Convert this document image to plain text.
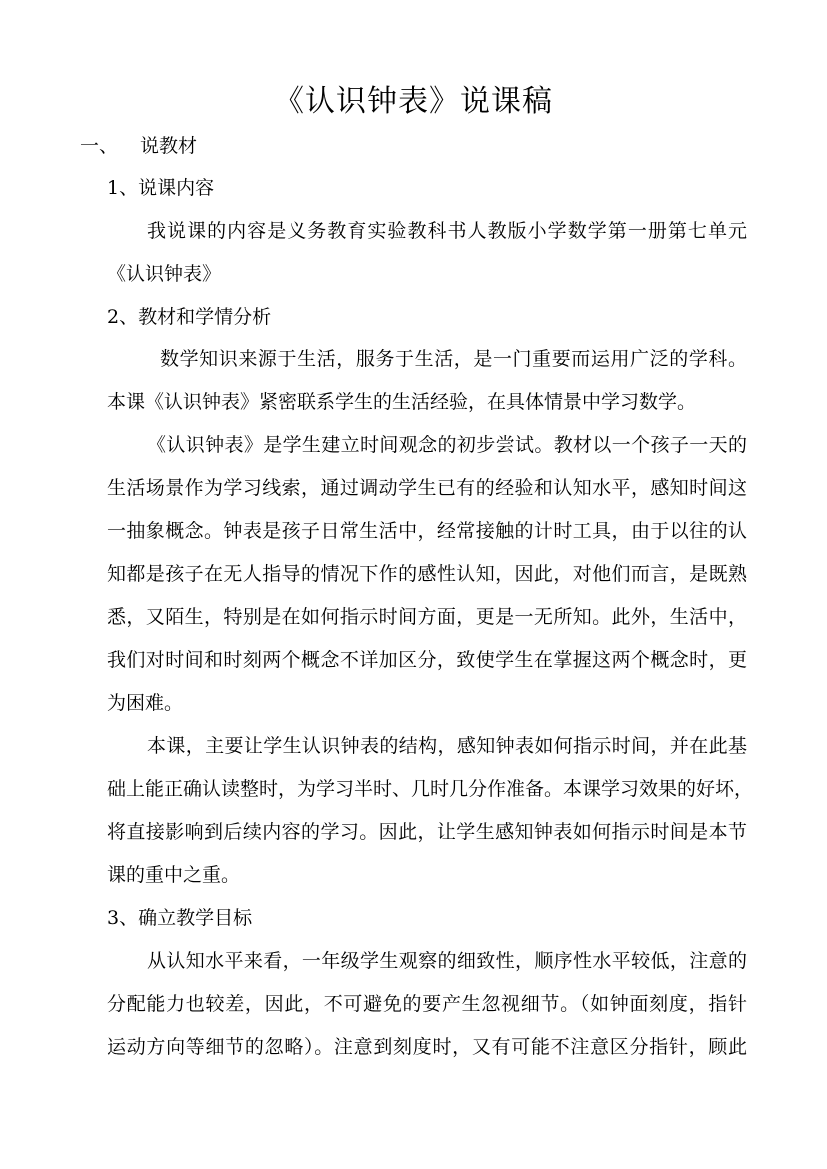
《认识钟表》说课稿
一、 说教材
1、说课内容
我说课的内容是义务教育实验教科书人教版小学数学第一册第七单元
《认识钟表》
2、教材和学情分析
数学知识来源于生活，服务于生活，是一门重要而运用广泛的学科。
本课《认识钟表》紧密联系学生的生活经验，在具体情景中学习数学。
《认识钟表》是学生建立时间观念的初步尝试。教材以一个孩子一天的
生活场景作为学习线索，通过调动学生已有的经验和认知水平，感知时间这
一抽象概念。钟表是孩子日常生活中，经常接触的计时工具，由于以往的认
知都是孩子在无人指导的情况下作的感性认知，因此，对他们而言，是既熟
悉，又陌生，特别是在如何指示时间方面，更是一无所知。此外，生活中，
我们对时间和时刻两个概念不详加区分，致使学生在掌握这两个概念时，更
为困难。
本课，主要让学生认识钟表的结构，感知钟表如何指示时间，并在此基
础上能正确认读整时，为学习半时、几时几分作准备。本课学习效果的好坏，
将直接影响到后续内容的学习。因此，让学生感知钟表如何指示时间是本节
课的重中之重。
3、确立教学目标
从认知水平来看，一年级学生观察的细致性，顺序性水平较低，注意的
分配能力也较差，因此，不可避免的要产生忽视细节。（如钟面刻度，指针
运动方向等细节的忽略）。注意到刻度时，又有可能不注意区分指针，顾此
